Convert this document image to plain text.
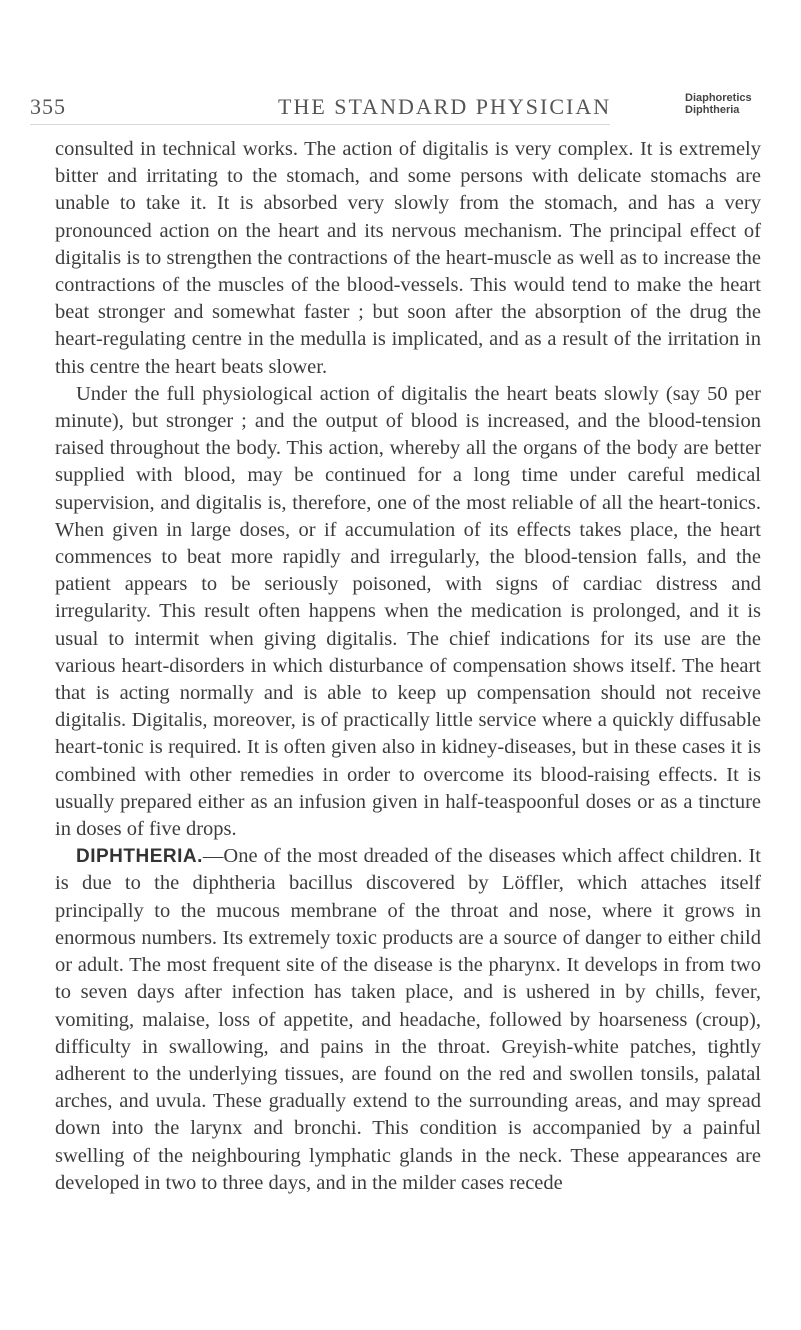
355	THE STANDARD PHYSICIAN	Diaphoretics
Diphtheria

consulted in technical works. The action of digitalis is very complex. It is extremely bitter and irritating to the stomach, and some persons with delicate stomachs are unable to take it. It is absorbed very slowly from the stomach, and has a very pronounced action on the heart and its nervous mechanism. The principal effect of digitalis is to strengthen the contractions of the heart-muscle as well as to increase the contractions of the muscles of the blood-vessels. This would tend to make the heart beat stronger and somewhat faster ; but soon after the absorption of the drug the heart-regulating centre in the medulla is implicated, and as a result of the irritation in this centre the heart beats slower.

Under the full physiological action of digitalis the heart beats slowly (say 50 per minute), but stronger ; and the output of blood is increased, and the blood-tension raised throughout the body. This action, whereby all the organs of the body are better supplied with blood, may be continued for a long time under careful medical supervision, and digitalis is, therefore, one of the most reliable of all the heart-tonics. When given in large doses, or if accumulation of its effects takes place, the heart commences to beat more rapidly and irregularly, the blood-tension falls, and the patient appears to be seriously poisoned, with signs of cardiac distress and irregularity. This result often happens when the medication is prolonged, and it is usual to intermit when giving digitalis. The chief indications for its use are the various heart-disorders in which disturbance of compensation shows itself. The heart that is acting normally and is able to keep up compensation should not receive digitalis. Digitalis, moreover, is of practically little service where a quickly diffusable heart-tonic is required. It is often given also in kidney-diseases, but in these cases it is combined with other remedies in order to overcome its blood-raising effects. It is usually prepared either as an infusion given in half-teaspoonful doses or as a tincture in doses of five drops.

DIPHTHERIA.—One of the most dreaded of the diseases which affect children. It is due to the diphtheria bacillus discovered by Löffler, which attaches itself principally to the mucous membrane of the throat and nose, where it grows in enormous numbers. Its extremely toxic products are a source of danger to either child or adult. The most frequent site of the disease is the pharynx. It develops in from two to seven days after infection has taken place, and is ushered in by chills, fever, vomiting, malaise, loss of appetite, and headache, followed by hoarseness (croup), difficulty in swallowing, and pains in the throat. Greyish-white patches, tightly adherent to the underlying tissues, are found on the red and swollen tonsils, palatal arches, and uvula. These gradually extend to the surrounding areas, and may spread down into the larynx and bronchi. This condition is accompanied by a painful swelling of the neighbouring lymphatic glands in the neck. These appearances are developed in two to three days, and in the milder cases recede
